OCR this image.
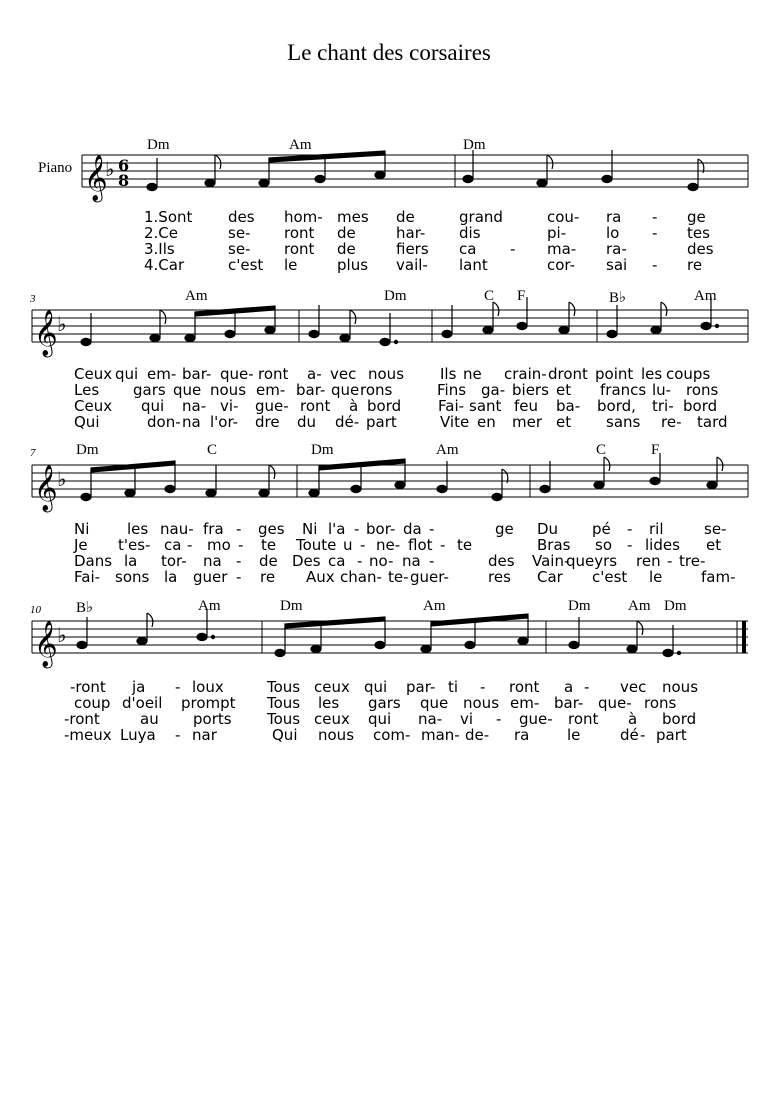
Le chant des corsaires
Piano
Dm	Am	Dm
𝄞
♭ 6
8
1.Sont des hom- mes de	grand	cou- ra - ge
2.Ce	se- ront de	har- dis	pi-	lo - tes
3.Ils	se- ront de	fiers ca - ma- ra-	des
4.Car	c'est le	plus vail- lant	cor- sai - re
3	Am	Dm	C F	B♭	Am
𝄞 ♭
Ceux qui em- bar- que- ront a- vec nous Ils ne crain- dront point les coups
Les gars que nous em- bar- que rons	Fins ga- biers et francs lu- rons
Ceux qui na- vi- gue- ront à bord Fai- sant feu ba- bord, tri- bord
Qui	don- na l'or- dre du dé- part	Vite en mer et sans re- tard
7	Dm	C	Dm	Am	C	F
𝄞 ♭
Ni	les nau- fra - ges Ni l'a - bor- da -	ge Du pé - ril	se-
Je t'es- ca - mo - te Toute u - ne- flot - te	Bras so - lides et
Dans la tor- na - de Des ca - no- na -	des Vain-
queyrs ren - tre-
Fai- sons la guer - re Aux chan- te- guer-	res Car c'est le	fam-
10 B♭	Am	Dm	Am	Dm	Am Dm
𝄞 ♭
-ront ja - loux	Tous ceux qui par- ti - ront a - vec nous
coup d'oeil prompt Tous les gars que nous em- bar- que- rons
-ront	au ports Tous ceux qui na- vi - gue- ront à bord
-meux Luya - nar	Qui nous com- man- de- ra	le	dé - part
